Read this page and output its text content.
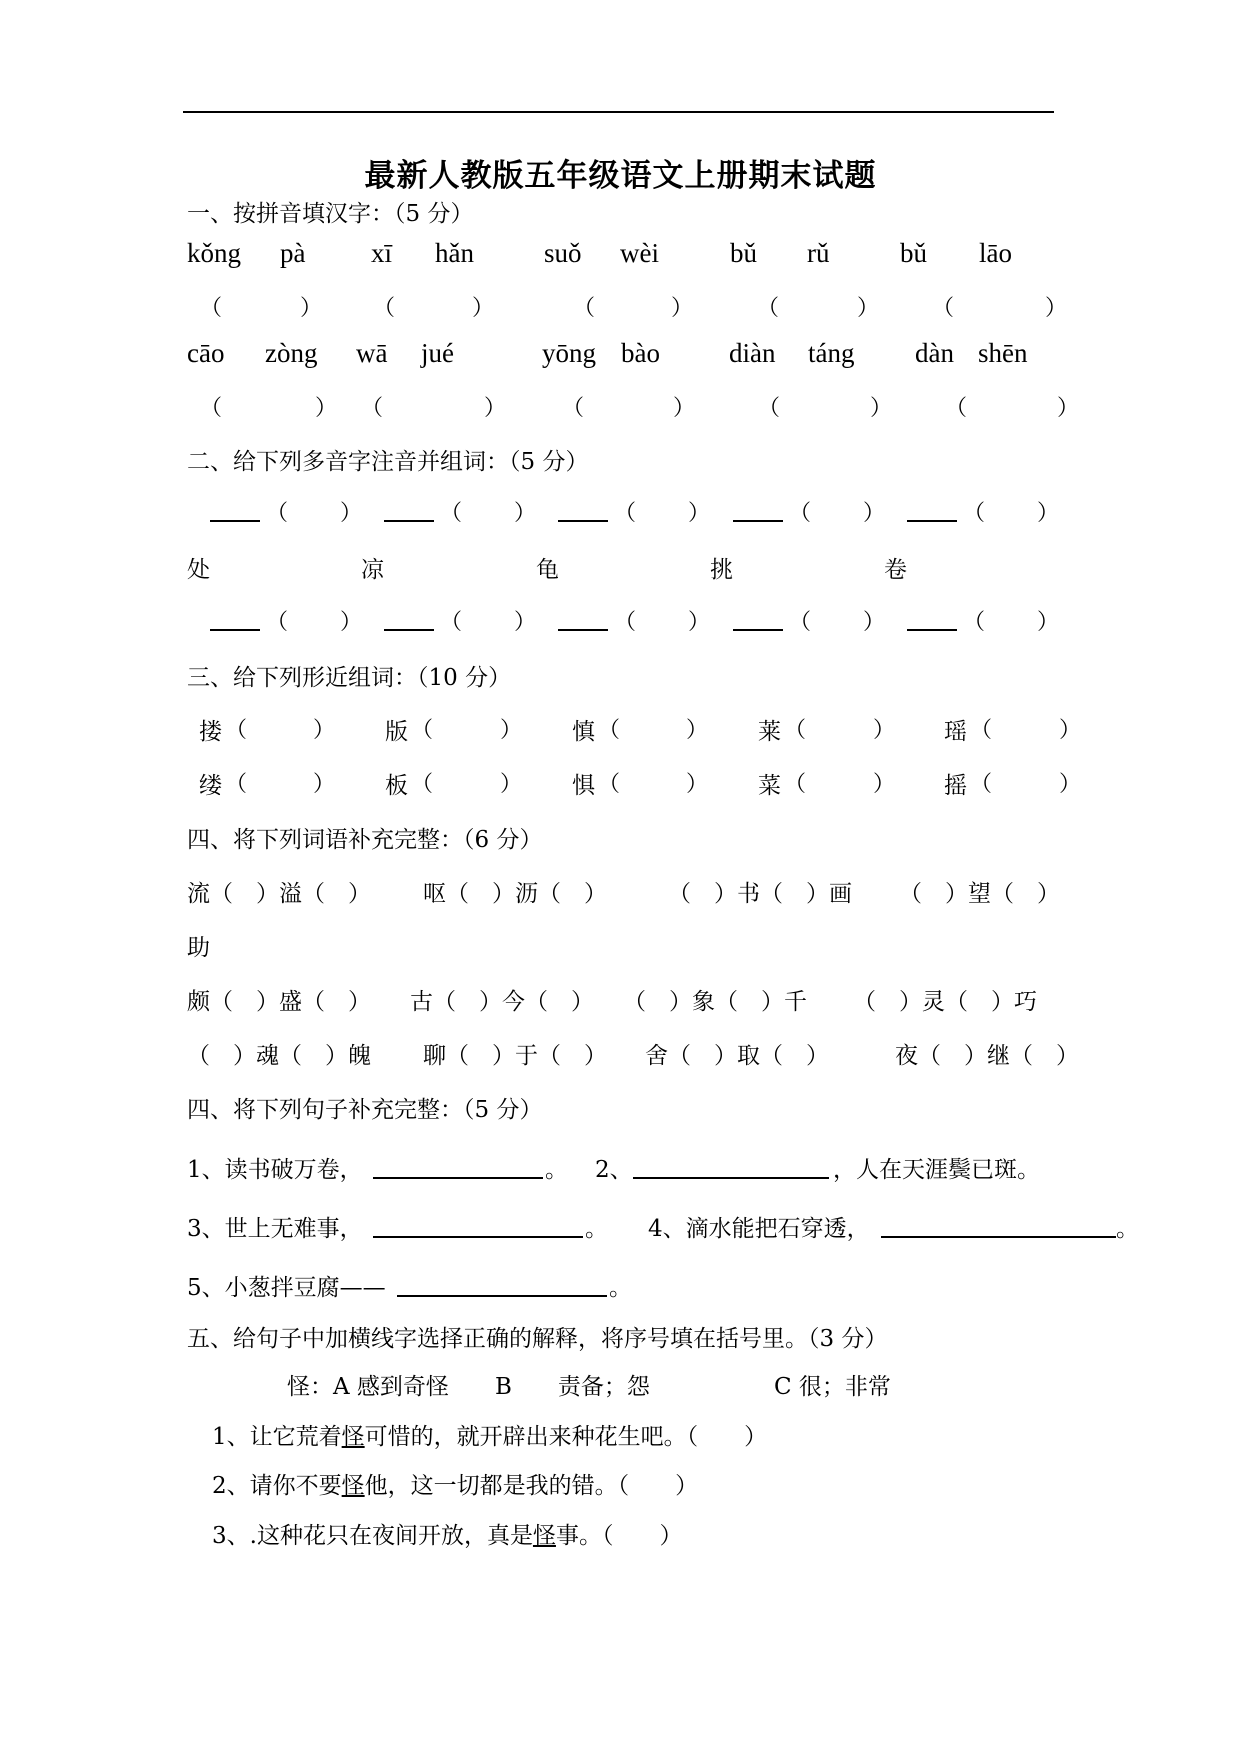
最新人教版五年级语文上册期末试题
一、按拼音填汉字：（5 分）
kǒng pà xī hǎn	suǒ wèi	bǔ rǔ	bǔ lāo
（	） （	）	（	）	（	） （	）
cāo zòng wā jué	yōng bào	diàn táng dàn shēn
（	） （	）	（	）	（	） （	）
二、给下列多音字注音并组词：（5 分）
（ ）	（ ）	（ ）	（ ）	（ ）
处	凉	龟	挑	卷
（ ）	（ ）	（ ）	（ ）	（ ）
三、给下列形近组词：（10 分）
搂 （	） 版 （	） 慎 （	） 莱 （	） 瑶 （	）
缕 （	） 板 （	） 惧 （	） 菜 （	） 摇 （	）
四、将下列词语补充完整：（6 分）
流（　）溢（　） 呕（　）沥（　）	（　）书（　）画 （　）望（　）
助
颇（　）盛（　） 古（　）今（　） （　）象（　）千 （　）灵（　）巧
（　）魂（　）魄 聊（　）于（　） 舍（　）取（　）	夜（　）继（　）
四、将下列句子补充完整：（5 分）
1、读书破万卷，	。 2、	，人在天涯鬓已斑。
3、世上无难事，	。 4、滴水能把石穿透，	。
5、小葱拌豆腐——	。
五、给句子中加横线字选择正确的解释，将序号填在括号里。（3 分）
怪：A 感到奇怪 B　　责备；怨	C 很；非常
1、让它荒着怪可惜的，就开辟出来种花生吧。（　　）
2、请你不要怪他，这一切都是我的错。（　　）
3、.这种花只在夜间开放，真是怪事。（　　）
